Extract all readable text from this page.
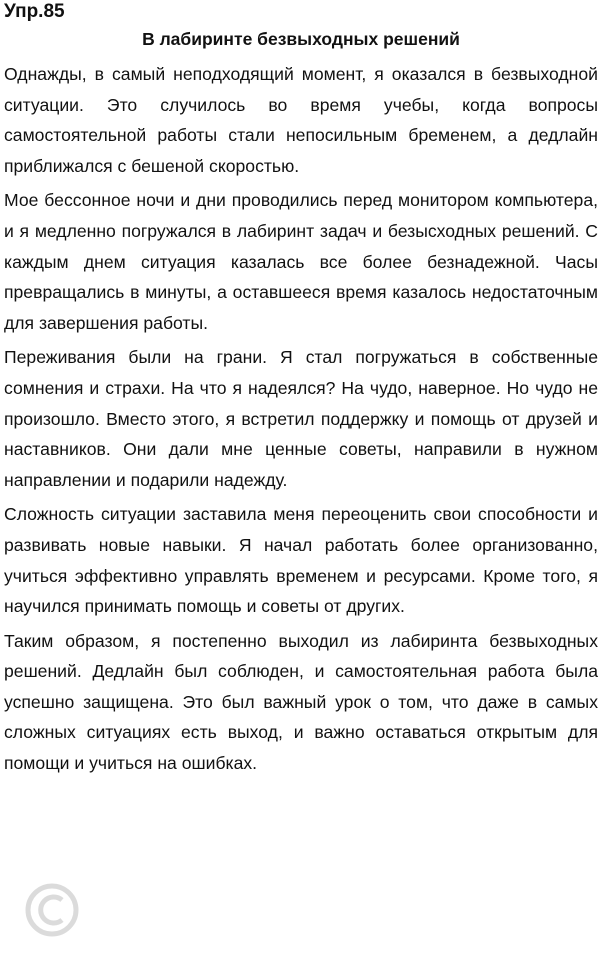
Упр.85
В лабиринте безвыходных решений

Однажды, в самый неподходящий момент, я оказался в безвыходной ситуации. Это случилось во время учебы, когда вопросы самостоятельной работы стали непосильным бременем, а дедлайн приближался с бешеной скоростью.

Мое бессонное ночи и дни проводились перед монитором компьютера, и я медленно погружался в лабиринт задач и безысходных решений. С каждым днем ситуация казалась все более безнадежной. Часы превращались в минуты, а оставшееся время казалось недостаточным для завершения работы.

Переживания были на грани. Я стал погружаться в собственные сомнения и страхи. На что я надеялся? На чудо, наверное. Но чудо не произошло. Вместо этого, я встретил поддержку и помощь от друзей и наставников. Они дали мне ценные советы, направили в нужном направлении и подарили надежду.

Сложность ситуации заставила меня переоценить свои способности и развивать новые навыки. Я начал работать более организованно, учиться эффективно управлять временем и ресурсами. Кроме того, я научился принимать помощь и советы от других.

Таким образом, я постепенно выходил из лабиринта безвыходных решений. Дедлайн был соблюден, и самостоятельная работа была успешно защищена. Это был важный урок о том, что даже в самых сложных ситуациях есть выход, и важно оставаться открытым для помощи и учиться на ошибках.
